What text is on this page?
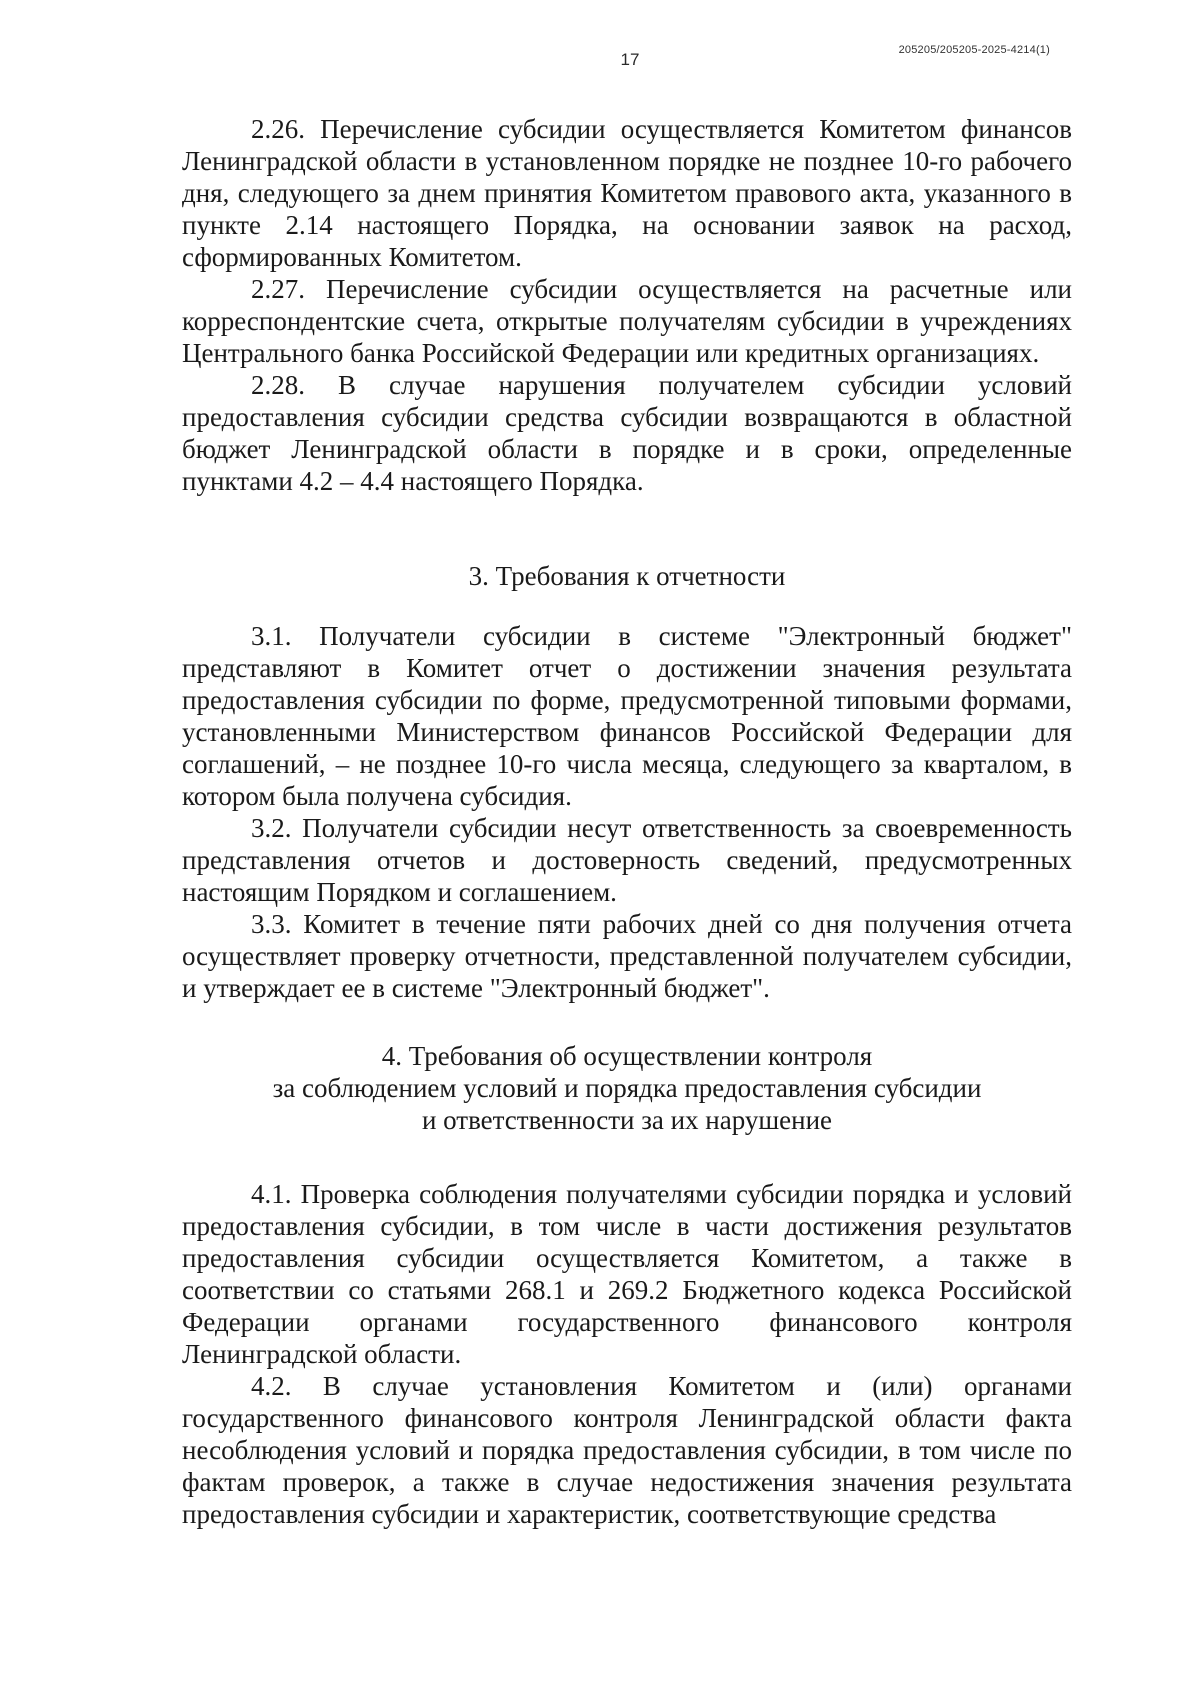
17	205205/205205-2025-4214(1)

2.26. Перечисление субсидии осуществляется Комитетом финансов Ленинградской области в установленном порядке не позднее 10-го рабочего дня, следующего за днем принятия Комитетом правового акта, указанного в пункте 2.14 настоящего Порядка, на основании заявок на расход, сформированных Комитетом.

2.27. Перечисление субсидии осуществляется на расчетные или корреспондентские счета, открытые получателям субсидии в учреждениях Центрального банка Российской Федерации или кредитных организациях.

2.28. В случае нарушения получателем субсидии условий предоставления субсидии средства субсидии возвращаются в областной бюджет Ленинградской области в порядке и в сроки, определенные пунктами 4.2 – 4.4 настоящего Порядка.

3. Требования к отчетности

3.1. Получатели субсидии в системе "Электронный бюджет" представляют в Комитет отчет о достижении значения результата предоставления субсидии по форме, предусмотренной типовыми формами, установленными Министерством финансов Российской Федерации для соглашений, – не позднее 10-го числа месяца, следующего за кварталом, в котором была получена субсидия.

3.2. Получатели субсидии несут ответственность за своевременность представления отчетов и достоверность сведений, предусмотренных настоящим Порядком и соглашением.

3.3. Комитет в течение пяти рабочих дней со дня получения отчета осуществляет проверку отчетности, представленной получателем субсидии, и утверждает ее в системе "Электронный бюджет".

4. Требования об осуществлении контроля

за соблюдением условий и порядка предоставления субсидии

и ответственности за их нарушение

4.1. Проверка соблюдения получателями субсидии порядка и условий предоставления субсидии, в том числе в части достижения результатов предоставления субсидии осуществляется Комитетом, а также в соответствии со статьями 268.1 и 269.2 Бюджетного кодекса Российской Федерации органами государственного финансового контроля Ленинградской области.

4.2. В случае установления Комитетом и (или) органами государственного финансового контроля Ленинградской области факта несоблюдения условий и порядка предоставления субсидии, в том числе по фактам проверок, а также в случае недостижения значения результата предоставления субсидии и характеристик, соответствующие средства
